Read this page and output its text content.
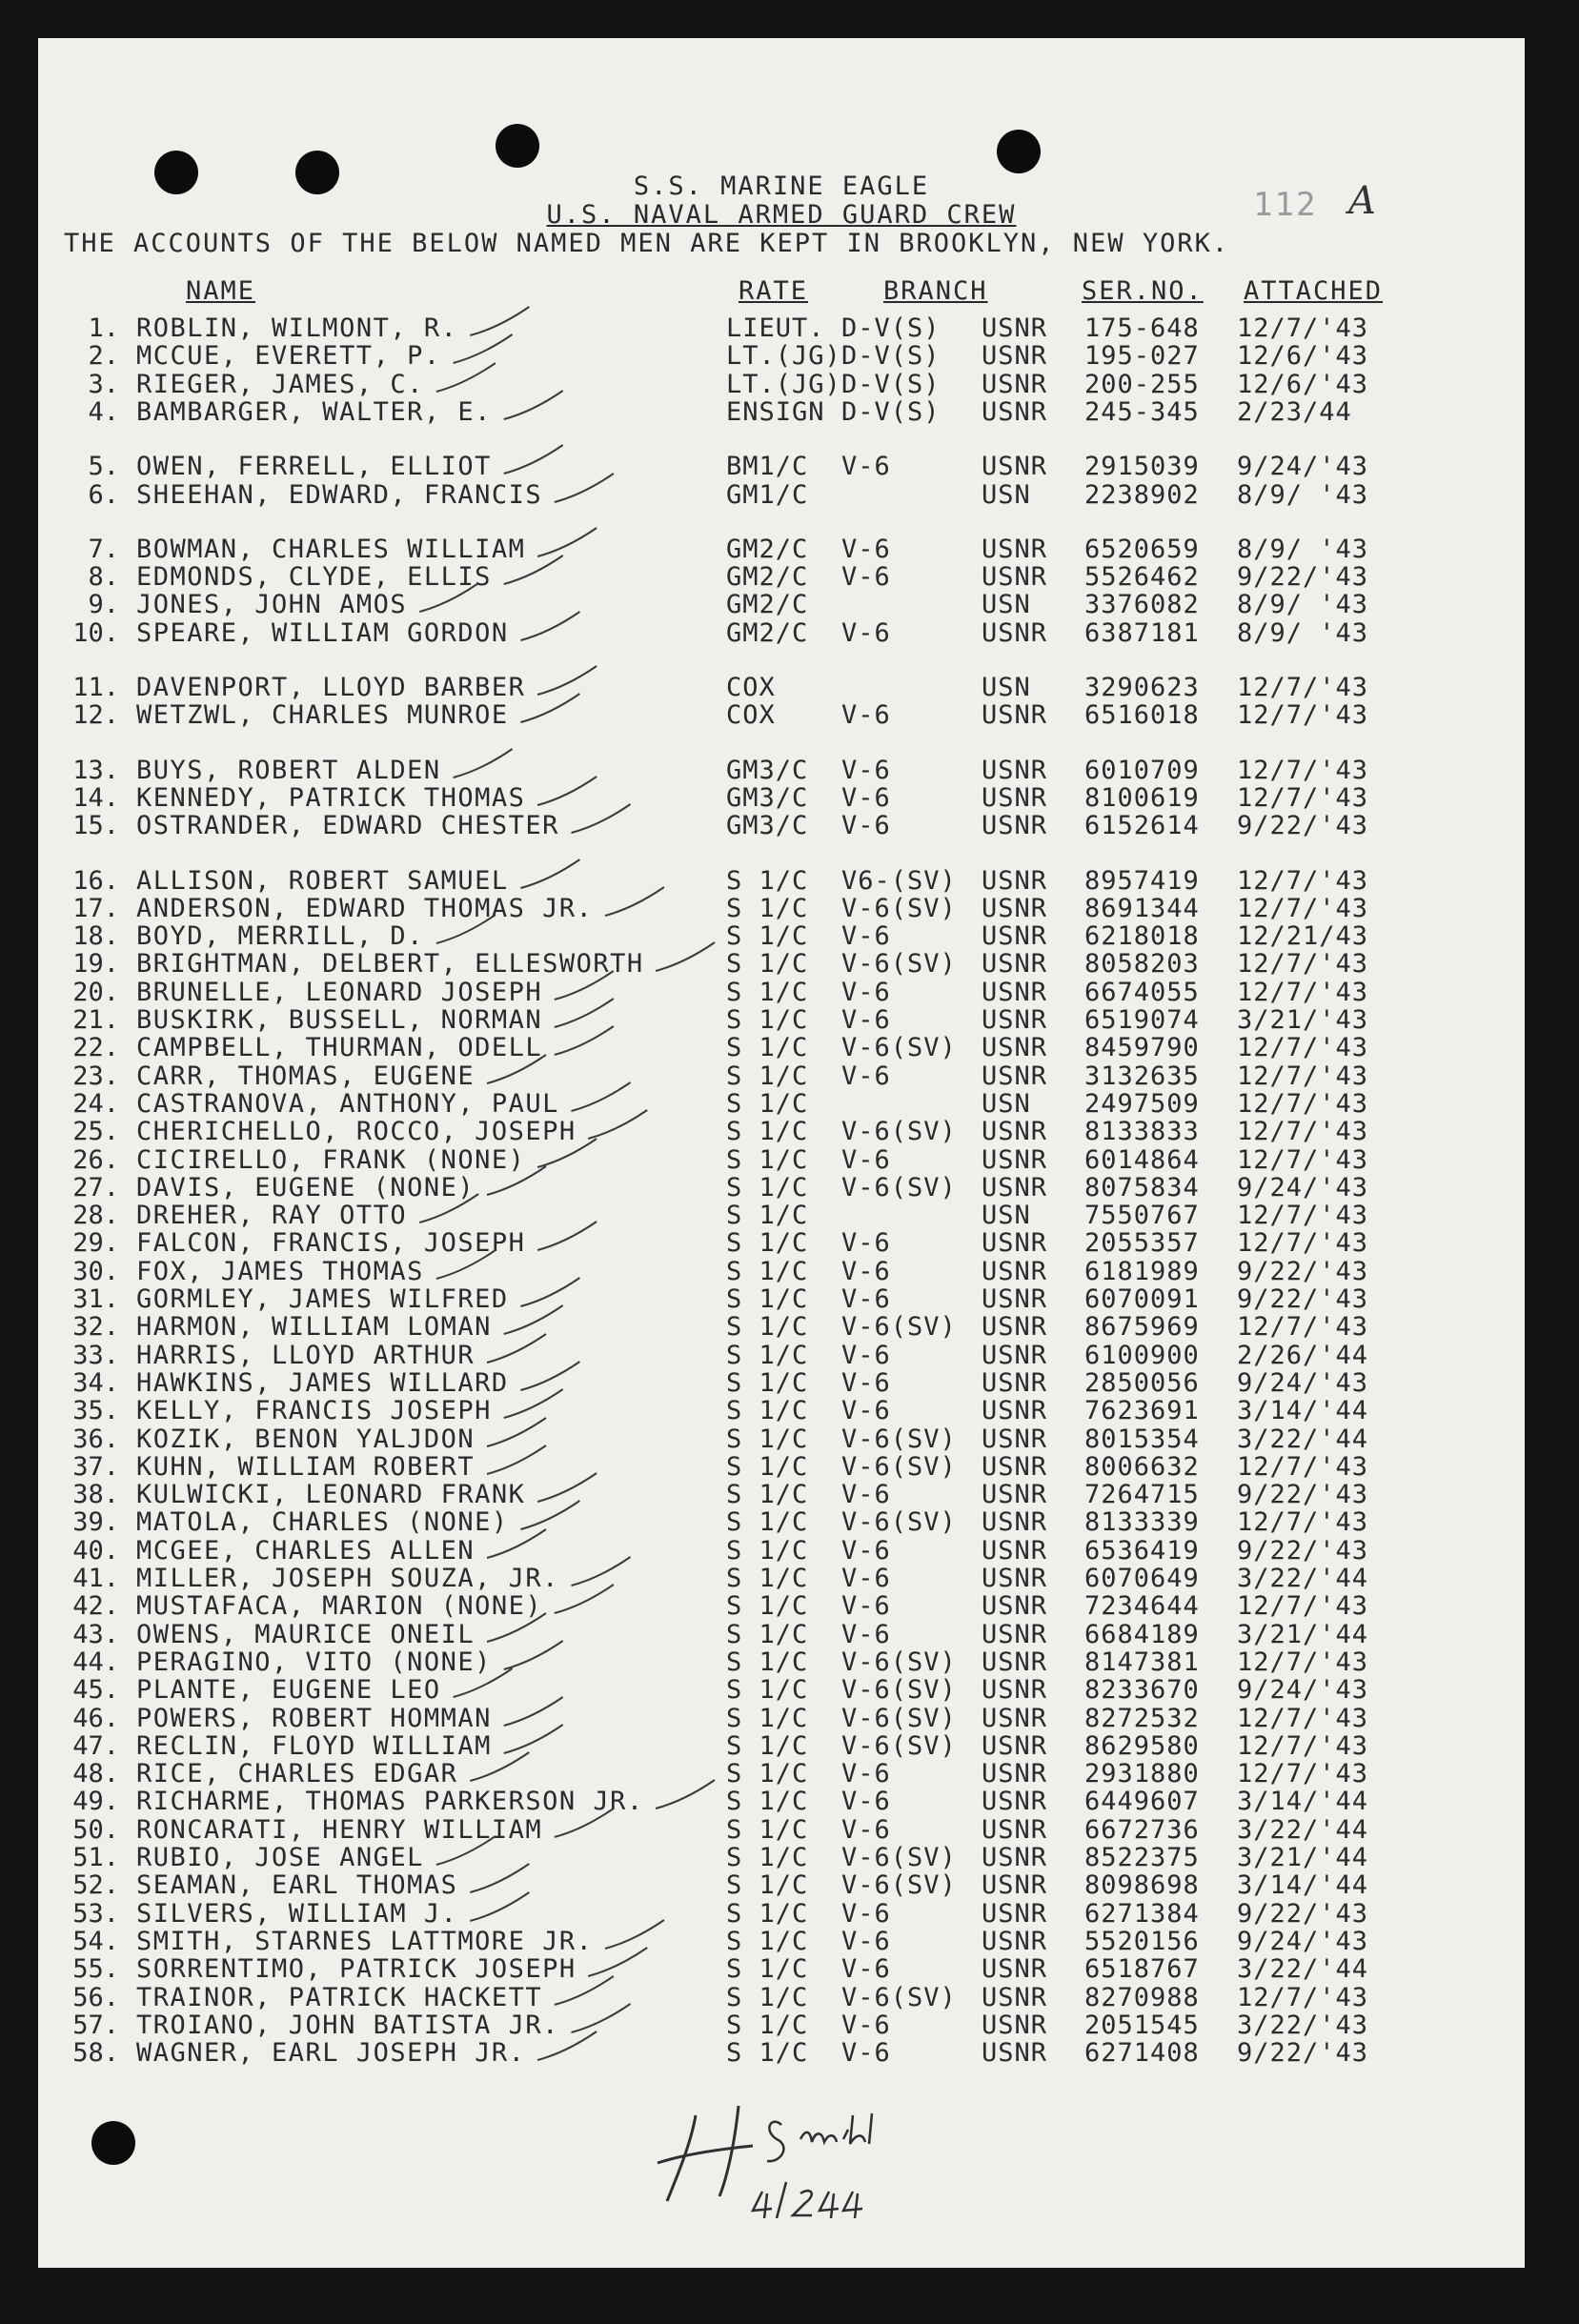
112 A
S.S. MARINE EAGLE
U.S. NAVAL ARMED GUARD CREW
THE ACCOUNTS OF THE BELOW NAMED MEN ARE KEPT IN BROOKLYN, NEW YORK.
NAME	RATE	BRANCH	SER.NO. ATTACHED
1. ROBLIN, WILMONT, R.	LIEUT. D-V(S) USNR 175-648 12/7/'43
2. MCCUE, EVERETT, P.	LT.(JG) D-V(S) USNR 195-027 12/6/'43
3. RIEGER, JAMES, C.	LT.(JG) D-V(S) USNR 200-255 12/6/'43
4. BAMBARGER, WALTER, E.	ENSIGN D-V(S) USNR 245-345 2/23/44
5. OWEN, FERRELL, ELLIOT	BM1/C V-6	USNR 2915039 9/24/'43
6. SHEEHAN, EDWARD, FRANCIS	GM1/C	USN 2238902 8/9/ '43
7. BOWMAN, CHARLES WILLIAM	GM2/C V-6	USNR 6520659 8/9/ '43
8. EDMONDS, CLYDE, ELLIS	GM2/C V-6	USNR 5526462 9/22/'43
9. JONES, JOHN AMOS	GM2/C	USN 3376082 8/9/ '43
10. SPEARE, WILLIAM GORDON	GM2/C V-6	USNR 6387181 8/9/ '43
11. DAVENPORT, LLOYD BARBER	COX	USN 3290623 12/7/'43
12. WETZWL, CHARLES MUNROE	COX	V-6	USNR 6516018 12/7/'43
13. BUYS, ROBERT ALDEN	GM3/C V-6	USNR 6010709 12/7/'43
14. KENNEDY, PATRICK THOMAS	GM3/C V-6	USNR 8100619 12/7/'43
15. OSTRANDER, EDWARD CHESTER	GM3/C V-6	USNR 6152614 9/22/'43
16. ALLISON, ROBERT SAMUEL	S 1/C V6-(SV) USNR 8957419 12/7/'43
17. ANDERSON, EDWARD THOMAS JR.	S 1/C V-6(SV) USNR 8691344 12/7/'43
18. BOYD, MERRILL, D.	S 1/C V-6	USNR 6218018 12/21/43
19. BRIGHTMAN, DELBERT, ELLESWORTH	S 1/C V-6(SV) USNR 8058203 12/7/'43
20. BRUNELLE, LEONARD JOSEPH	S 1/C V-6	USNR 6674055 12/7/'43
21. BUSKIRK, BUSSELL, NORMAN	S 1/C V-6	USNR 6519074 3/21/'43
22. CAMPBELL, THURMAN, ODELL	S 1/C V-6(SV) USNR 8459790 12/7/'43
23. CARR, THOMAS, EUGENE	S 1/C V-6	USNR 3132635 12/7/'43
24. CASTRANOVA, ANTHONY, PAUL	S 1/C	USN 2497509 12/7/'43
25. CHERICHELLO, ROCCO, JOSEPH	S 1/C V-6(SV) USNR 8133833 12/7/'43
26. CICIRELLO, FRANK (NONE)	S 1/C V-6	USNR 6014864 12/7/'43
27. DAVIS, EUGENE (NONE)	S 1/C V-6(SV) USNR 8075834 9/24/'43
28. DREHER, RAY OTTO	S 1/C	USN 7550767 12/7/'43
29. FALCON, FRANCIS, JOSEPH	S 1/C V-6	USNR 2055357 12/7/'43
30. FOX, JAMES THOMAS	S 1/C V-6	USNR 6181989 9/22/'43
31. GORMLEY, JAMES WILFRED	S 1/C V-6	USNR 6070091 9/22/'43
32. HARMON, WILLIAM LOMAN	S 1/C V-6(SV) USNR 8675969 12/7/'43
33. HARRIS, LLOYD ARTHUR	S 1/C V-6	USNR 6100900 2/26/'44
34. HAWKINS, JAMES WILLARD	S 1/C V-6	USNR 2850056 9/24/'43
35. KELLY, FRANCIS JOSEPH	S 1/C V-6	USNR 7623691 3/14/'44
36. KOZIK, BENON YALJDON	S 1/C V-6(SV) USNR 8015354 3/22/'44
37. KUHN, WILLIAM ROBERT	S 1/C V-6(SV) USNR 8006632 12/7/'43
38. KULWICKI, LEONARD FRANK	S 1/C V-6	USNR 7264715 9/22/'43
39. MATOLA, CHARLES (NONE)	S 1/C V-6(SV) USNR 8133339 12/7/'43
40. MCGEE, CHARLES ALLEN	S 1/C V-6	USNR 6536419 9/22/'43
41. MILLER, JOSEPH SOUZA, JR.	S 1/C V-6	USNR 6070649 3/22/'44
42. MUSTAFACA, MARION (NONE)	S 1/C V-6	USNR 7234644 12/7/'43
43. OWENS, MAURICE ONEIL	S 1/C V-6	USNR 6684189 3/21/'44
44. PERAGINO, VITO (NONE)	S 1/C V-6(SV) USNR 8147381 12/7/'43
45. PLANTE, EUGENE LEO	S 1/C V-6(SV) USNR 8233670 9/24/'43
46. POWERS, ROBERT HOMMAN	S 1/C V-6(SV) USNR 8272532 12/7/'43
47. RECLIN, FLOYD WILLIAM	S 1/C V-6(SV) USNR 8629580 12/7/'43
48. RICE, CHARLES EDGAR	S 1/C V-6	USNR 2931880 12/7/'43
49. RICHARME, THOMAS PARKERSON JR.	S 1/C V-6	USNR 6449607 3/14/'44
50. RONCARATI, HENRY WILLIAM	S 1/C V-6	USNR 6672736 3/22/'44
51. RUBIO, JOSE ANGEL	S 1/C V-6(SV) USNR 8522375 3/21/'44
52. SEAMAN, EARL THOMAS	S 1/C V-6(SV) USNR 8098698 3/14/'44
53. SILVERS, WILLIAM J.	S 1/C V-6	USNR 6271384 9/22/'43
54. SMITH, STARNES LATTMORE JR.	S 1/C V-6	USNR 5520156 9/24/'43
55. SORRENTIMO, PATRICK JOSEPH	S 1/C V-6	USNR 6518767 3/22/'44
56. TRAINOR, PATRICK HACKETT	S 1/C V-6(SV) USNR 8270988 12/7/'43
57. TROIANO, JOHN BATISTA JR.	S 1/C V-6	USNR 2051545 3/22/'43
58. WAGNER, EARL JOSEPH JR.	S 1/C V-6	USNR 6271408 9/22/'43
